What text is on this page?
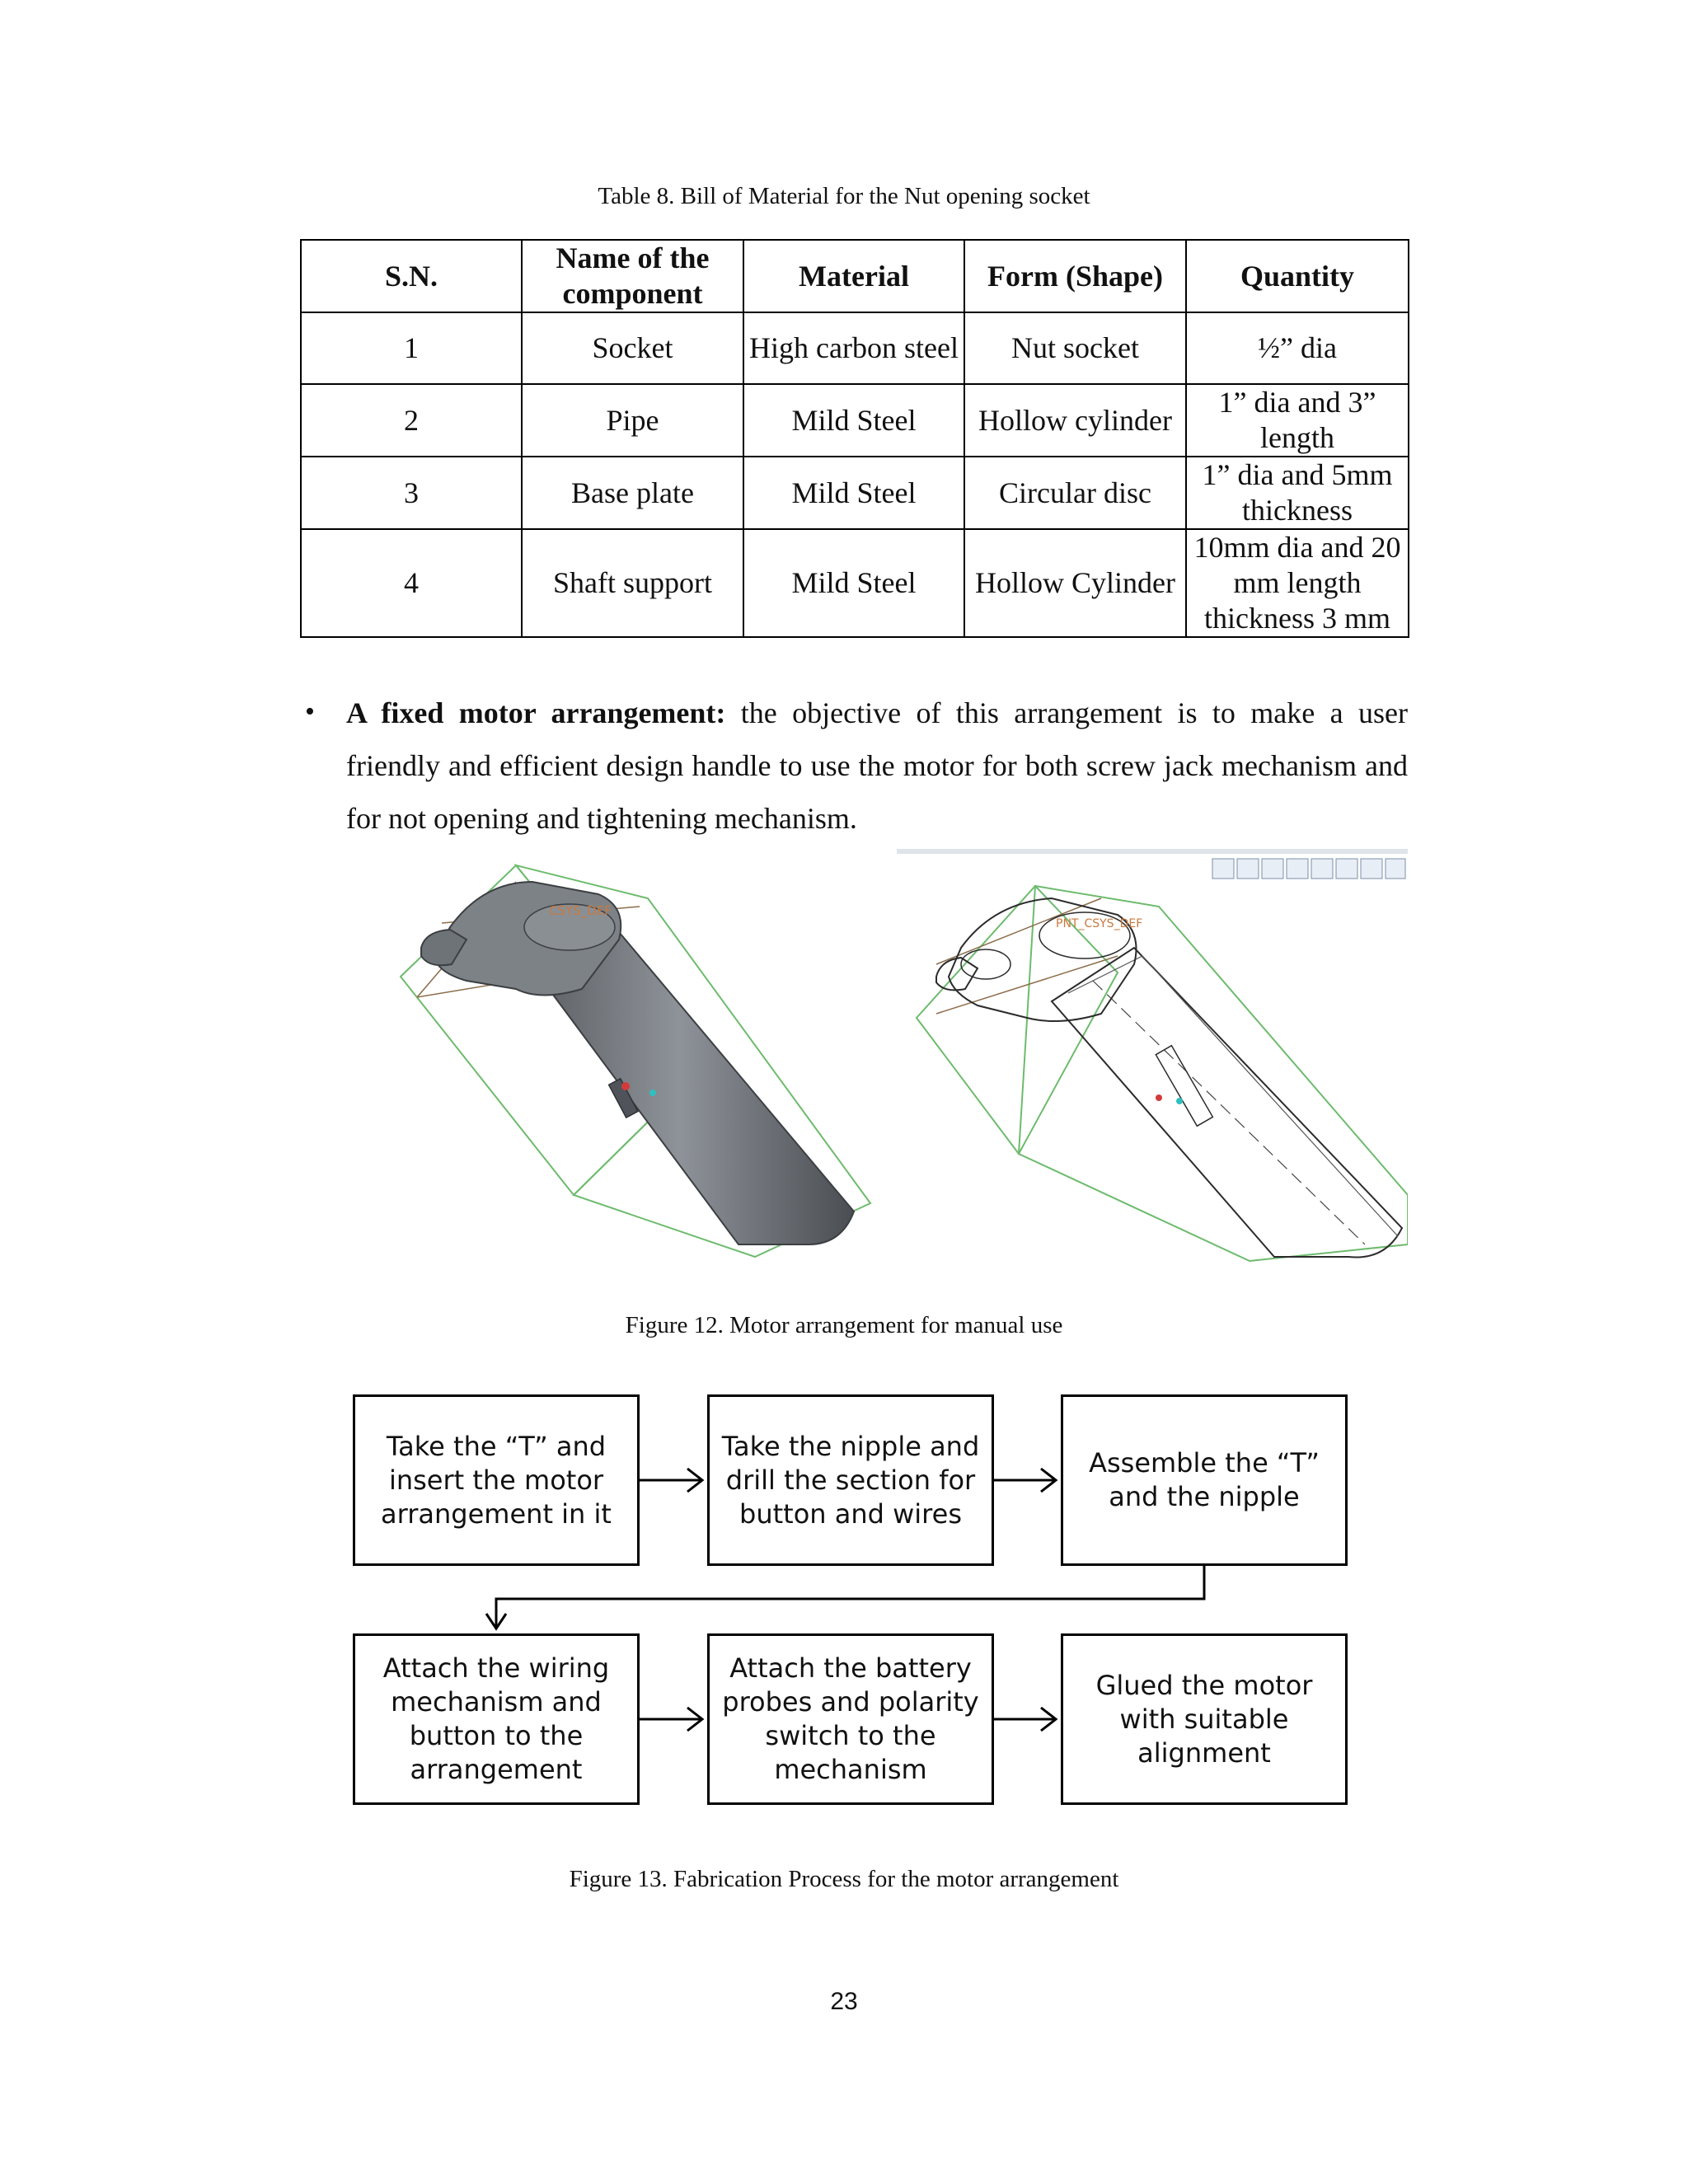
Table 8. Bill of Material for the Nut opening socket
S.N.	Name of the component	Material	Form (Shape)	Quantity
1	Socket	High carbon steel	Nut socket	½” dia
2	Pipe	Mild Steel	Hollow cylinder	1” dia and 3” length
3	Base plate	Mild Steel	Circular disc	1” dia and 5mm thickness
4	Shaft support	Mild Steel	Hollow Cylinder	10mm dia and 20 mm length thickness 3 mm
• A fixed motor arrangement: the objective of this arrangement is to make a user friendly and efficient design handle to use the motor for both screw jack mechanism and for not opening and tightening mechanism.
CSYS_DEF
PNT_CSYS_DEF
Figure 12. Motor arrangement for manual use
Take the “T” and insert the motor arrangement in it
Take the nipple and drill the section for button and wires
Assemble the “T” and the nipple
Attach the wiring mechanism and button to the arrangement
Attach the battery probes and polarity switch to the mechanism
Glued the motor with suitable alignment
Figure 13. Fabrication Process for the motor arrangement
23
